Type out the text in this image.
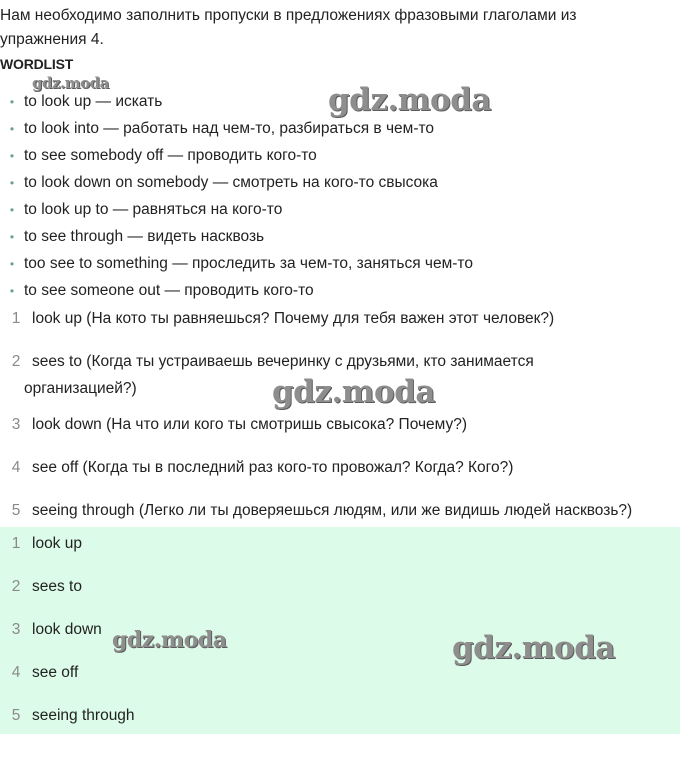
Нам необходимо заполнить пропуски в предложениях фразовыми глаголами из упражнения 4.
WORDLIST
• to look up — искать
• to look into — работать над чем-то, разбираться в чем-то
• to see somebody off — проводить кого-то
• to look down on somebody — смотреть на кого-то свысока
• to look up to — равняться на кого-то
• to see through — видеть насквозь
• too see to something — проследить за чем-то, заняться чем-то
• to see someone out — проводить кого-то
1 look up (На кото ты равняешься? Почему для тебя важен этот человек?)
2 sees to (Когда ты устраиваешь вечеринку с друзьями, кто занимается
организацией?)
3 look down (На что или кого ты смотришь свысока? Почему?)
4 see off (Когда ты в последний раз кого-то провожал? Когда? Кого?)
5 seeing through (Легко ли ты доверяешься людям, или же видишь людей насквозь?)
1 look up
2 sees to
3 look down
4 see off
5 seeing through
gdz.moda	gdz.moda
gdz.moda
gdz.moda	gdz.moda
